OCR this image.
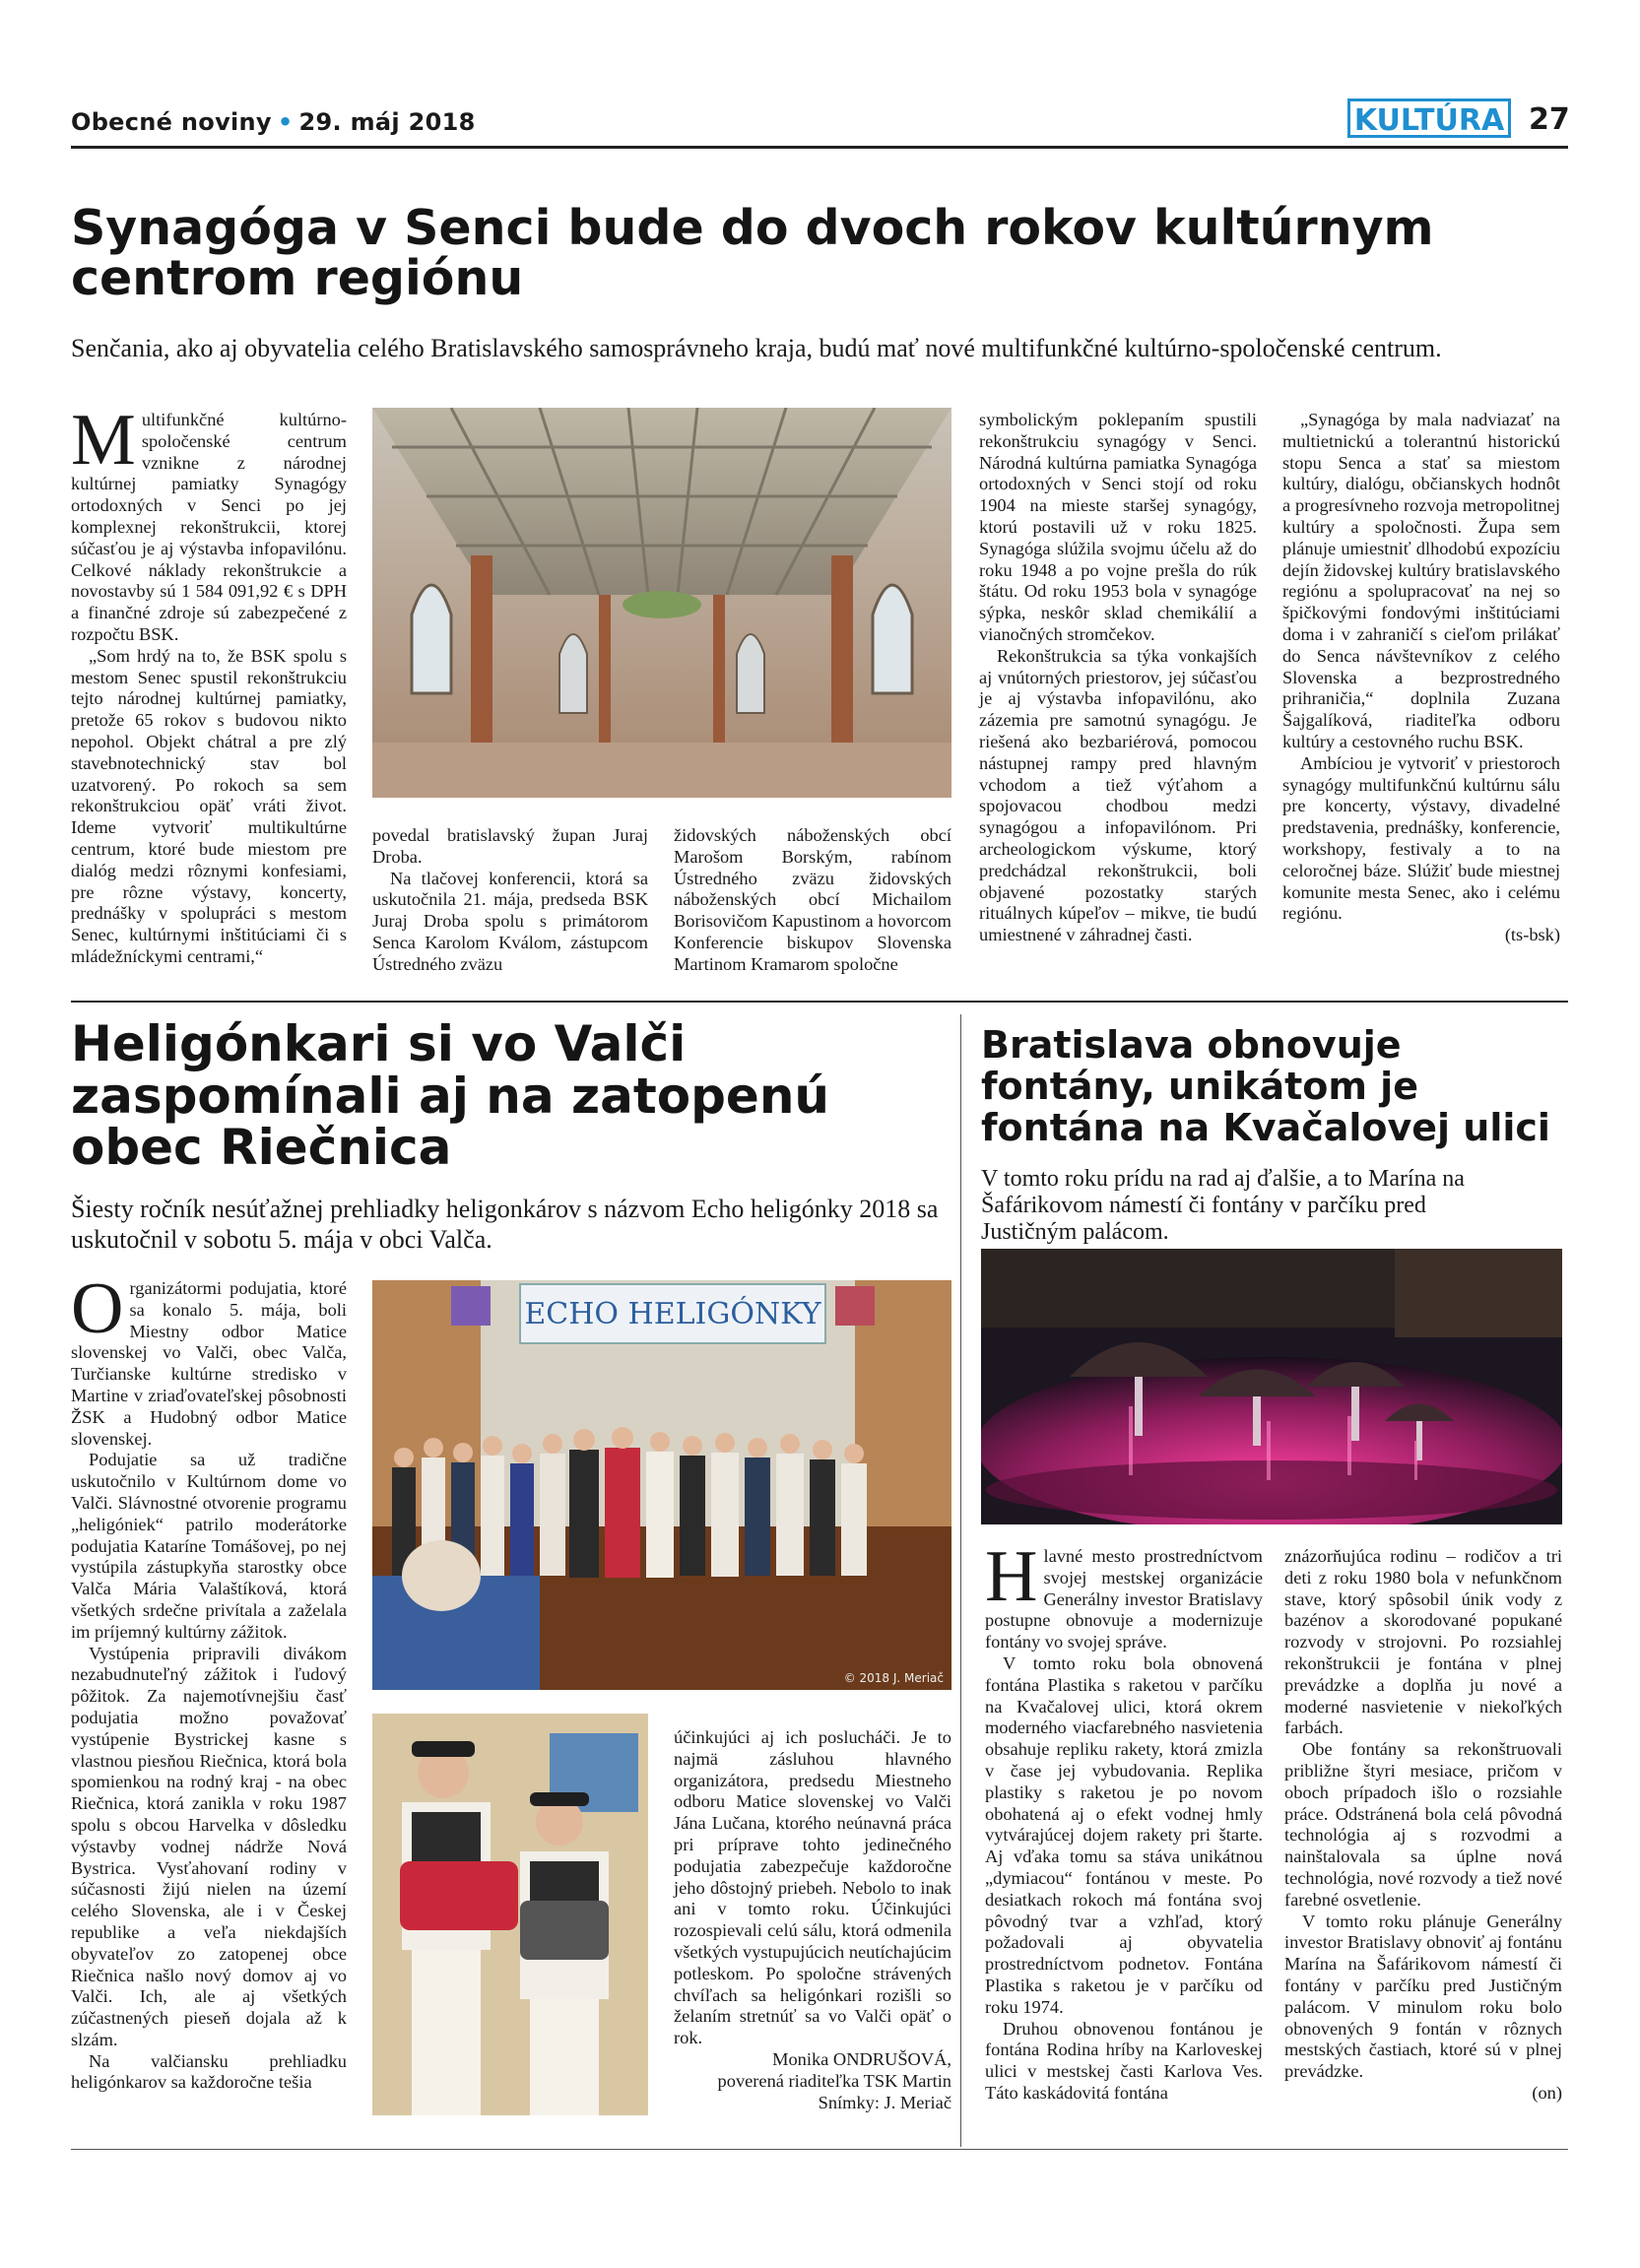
Obecné noviny • 29. máj 2018	KULTÚRA 27
Synagóga v Senci bude do dvoch rokov kultúrnym centrom regiónu
Senčania, ako aj obyvatelia celého Bratislavského samosprávneho kraja, budú mať nové multifunkčné kultúrno-spoločenské centrum.

Multifunkčné kultúrno-spoločenské centrum vznikne z národnej kultúrnej pamiatky Synagógy ortodoxných v Senci po jej komplexnej rekonštrukcii, ktorej súčasťou je aj výstavba infopavilónu. Celkové náklady rekonštrukcie a novostavby sú 1 584 091,92 € s DPH a finančné zdroje sú zabezpečené z rozpočtu BSK.

„Som hrdý na to, že BSK spolu s mestom Senec spustil rekonštrukciu tejto národnej kultúrnej pamiatky, pretože 65 rokov s budovou nikto nepohol. Objekt chátral a pre zlý stavebnotechnický stav bol uzatvorený. Po rokoch sa sem rekonštrukciou opäť vráti život. Ideme vytvoriť multikultúrne centrum, ktoré bude miestom pre dialóg medzi rôznymi konfesiami, pre rôzne výstavy, koncerty, prednášky v spolupráci s mestom Senec, kultúrnymi inštitúciami či s mládežníckymi centrami,“

povedal bratislavský župan Juraj Droba.

Na tlačovej konferencii, ktorá sa uskutočnila 21. mája, predseda BSK Juraj Droba spolu s primátorom Senca Karolom Kválom, zástupcom Ústredného zväzu

židovských náboženských obcí Marošom Borským, rabínom Ústredného zväzu židovských náboženských obcí Michailom Borisovičom Kapustinom a hovorcom Konferencie biskupov Slovenska Martinom Kramarom spoločne

symbolickým poklepaním spustili rekonštrukciu synagógy v Senci. Národná kultúrna pamiatka Synagóga ortodoxných v Senci stojí od roku 1904 na mieste staršej synagógy, ktorú postavili už v roku 1825. Synagóga slúžila svojmu účelu až do roku 1948 a po vojne prešla do rúk štátu. Od roku 1953 bola v synagóge sýpka, neskôr sklad chemikálií a vianočných stromčekov.

Rekonštrukcia sa týka vonkajších aj vnútorných priestorov, jej súčasťou je aj výstavba infopavilónu, ako zázemia pre samotnú synagógu. Je riešená ako bezbariérová, pomocou nástupnej rampy pred hlavným vchodom a tiež výťahom a spojovacou chodbou medzi synagógou a infopavilónom. Pri archeologickom výskume, ktorý predchádzal rekonštrukcii, boli objavené pozostatky starých rituálnych kúpeľov – mikve, tie budú umiestnené v záhradnej časti.

„Synagóga by mala nadviazať na multietnickú a tolerantnú historickú stopu Senca a stať sa miestom kultúry, dialógu, občianskych hodnôt a progresívneho rozvoja metropolitnej kultúry a spoločnosti. Župa sem plánuje umiestniť dlhodobú expozíciu dejín židovskej kultúry bratislavského regiónu a spolupracovať na nej so špičkovými fondovými inštitúciami doma i v zahraničí s cieľom prilákať do Senca návštevníkov z celého Slovenska a bezprostredného prihraničia,“ doplnila Zuzana Šajgalíková, riaditeľka odboru kultúry a cestovného ruchu BSK.

Ambíciou je vytvoriť v priestoroch synagógy multifunkčnú kultúrnu sálu pre koncerty, výstavy, divadelné predstavenia, prednášky, konferencie, workshopy, festivaly a to na celoročnej báze. Slúžiť bude miestnej komunite mesta Senec, ako i celému regiónu.

(ts-bsk)
Heligónkari si vo Valči zaspomínali aj na zatopenú obec Riečnica
Šiesty ročník nesúťažnej prehliadky heligonkárov s názvom Echo heligónky 2018 sa uskutočnil v sobotu 5. mája v obci Valča.

Organizátormi podujatia, ktoré sa konalo 5. mája, boli Miestny odbor Matice slovenskej vo Valči, obec Valča, Turčianske kultúrne stredisko v Martine v zriaďovateľskej pôsobnosti ŽSK a Hudobný odbor Matice slovenskej.

Podujatie sa už tradične uskutočnilo v Kultúrnom dome vo Valči. Slávnostné otvorenie programu „heligóniek“ patrilo moderátorke podujatia Kataríne Tomášovej, po nej vystúpila zástupkyňa starostky obce Valča Mária Valaštíková, ktorá všetkých srdečne privítala a zaželala im príjemný kultúrny zážitok.

Vystúpenia pripravili divákom nezabudnuteľný zážitok i ľudový pôžitok. Za najemotívnejšiu časť podujatia možno považovať vystúpenie Bystrickej kasne s vlastnou piesňou Riečnica, ktorá bola spomienkou na rodný kraj - na obec Riečnica, ktorá zanikla v roku 1987 spolu s obcou Harvelka v dôsledku výstavby vodnej nádrže Nová Bystrica. Vysťahovaní rodiny v súčasnosti žijú nielen na území celého Slovenska, ale i v Českej republike a veľa niekdajších obyvateľov zo zatopenej obce Riečnica našlo nový domov aj vo Valči. Ich, ale aj všetkých zúčastnených pieseň dojala až k slzám.

Na valčiansku prehliadku heligónkarov sa každoročne tešia

ECHO HELIGÓNKY
© 2018 J. Meriač

účinkujúci aj ich poslucháči. Je to najmä zásluhou hlavného organizátora, predsedu Miestneho odboru Matice slovenskej vo Valči Jána Lučana, ktorého neúnavná práca pri príprave tohto jedinečného podujatia zabezpečuje každoročne jeho dôstojný priebeh. Nebolo to inak ani v tomto roku. Účinkujúci rozospievali celú sálu, ktorá odmenila všetkých vystupujúcich neutíchajúcim potleskom. Po spoločne strávených chvíľach sa heligónkari rozišli so želaním stretnúť sa vo Valči opäť o rok.

Monika ONDRUŠOVÁ,
poverená riaditeľka TSK Martin
Snímky: J. Meriač
Bratislava obnovuje fontány, unikátom je fontána na Kvačalovej ulici
V tomto roku prídu na rad aj ďalšie, a to Marína na Šafárikovom námestí či fontány v parčíku pred Justičným palácom.

Hlavné mesto prostredníctvom svojej mestskej organizácie Generálny investor Bratislavy postupne obnovuje a modernizuje fontány vo svojej správe.

V tomto roku bola obnovená fontána Plastika s raketou v parčíku na Kvačalovej ulici, ktorá okrem moderného viacfarebného nasvietenia obsahuje repliku rakety, ktorá zmizla v čase jej vybudovania. Replika plastiky s raketou je po novom obohatená aj o efekt vodnej hmly vytvárajúcej dojem rakety pri štarte. Aj vďaka tomu sa stáva unikátnou „dymiacou“ fontánou v meste. Po desiatkach rokoch má fontána svoj pôvodný tvar a vzhľad, ktorý požadovali aj obyvatelia prostredníctvom podnetov. Fontána Plastika s raketou je v parčíku od roku 1974.

Druhou obnovenou fontánou je fontána Rodina hríby na Karloveskej ulici v mestskej časti Karlova Ves. Táto kaskádovitá fontána

znázorňujúca rodinu – rodičov a tri deti z roku 1980 bola v nefunkčnom stave, ktorý spôsobil únik vody z bazénov a skorodované popukané rozvody v strojovni. Po rozsiahlej rekonštrukcii je fontána v plnej prevádzke a doplňa ju nové a moderné nasvietenie v niekoľkých farbách.

Obe fontány sa rekonštruovali približne štyri mesiace, pričom v oboch prípadoch išlo o rozsiahle práce. Odstránená bola celá pôvodná technológia aj s rozvodmi a nainštalovala sa úplne nová technológia, nové rozvody a tiež nové farebné osvetlenie.

V tomto roku plánuje Generálny investor Bratislavy obnoviť aj fontánu Marína na Šafárikovom námestí či fontány v parčíku pred Justičným palácom. V minulom roku bolo obnovených 9 fontán v rôznych mestských častiach, ktoré sú v plnej prevádzke.

(on)
